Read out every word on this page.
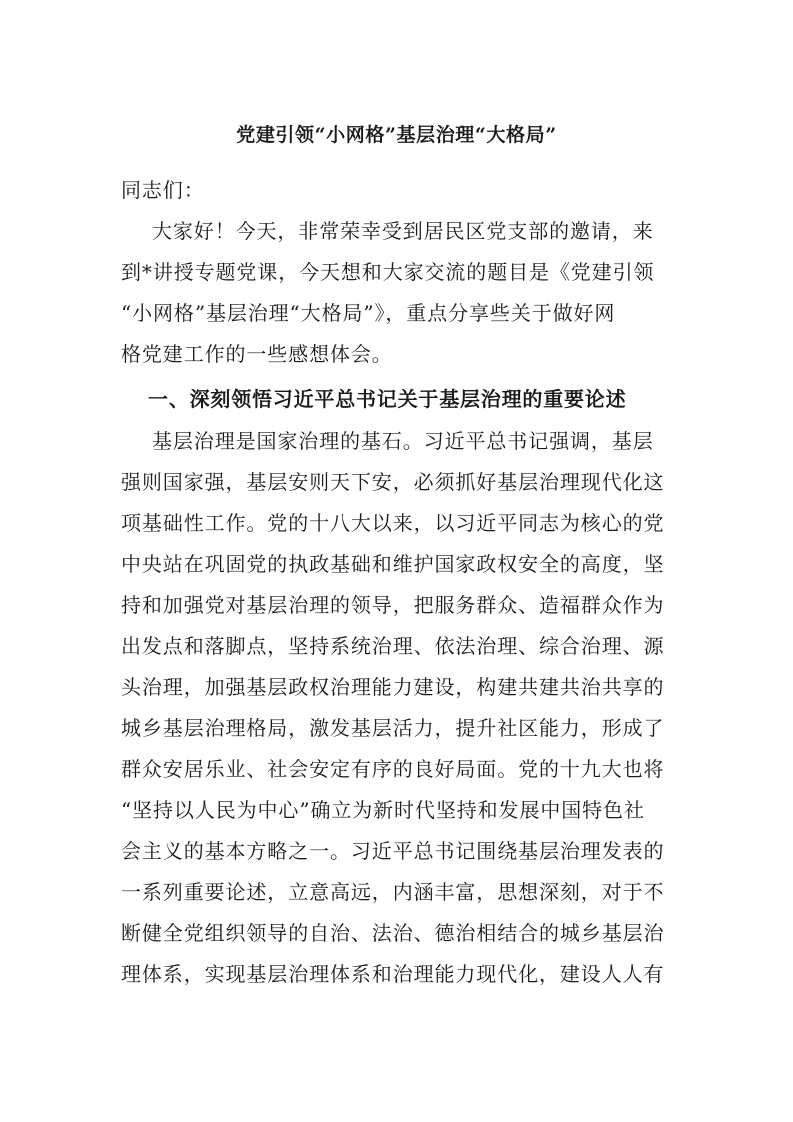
党建引领“小网格”基层治理“大格局”
同志们：
大家好！今天，非常荣幸受到居民区党支部的邀请，来
到*讲授专题党课，今天想和大家交流的题目是《党建引领
“小网格”基层治理“大格局”》，重点分享些关于做好网
格党建工作的一些感想体会。
一、深刻领悟习近平总书记关于基层治理的重要论述
基层治理是国家治理的基石。习近平总书记强调，基层
强则国家强，基层安则天下安，必须抓好基层治理现代化这
项基础性工作。党的十八大以来，以习近平同志为核心的党
中央站在巩固党的执政基础和维护国家政权安全的高度，坚
持和加强党对基层治理的领导，把服务群众、造福群众作为
出发点和落脚点，坚持系统治理、依法治理、综合治理、源
头治理，加强基层政权治理能力建设，构建共建共治共享的
城乡基层治理格局，激发基层活力，提升社区能力，形成了
群众安居乐业、社会安定有序的良好局面。党的十九大也将
“坚持以人民为中心”确立为新时代坚持和发展中国特色社
会主义的基本方略之一。习近平总书记围绕基层治理发表的
一系列重要论述，立意高远，内涵丰富，思想深刻，对于不
断健全党组织领导的自治、法治、德治相结合的城乡基层治
理体系，实现基层治理体系和治理能力现代化，建设人人有
